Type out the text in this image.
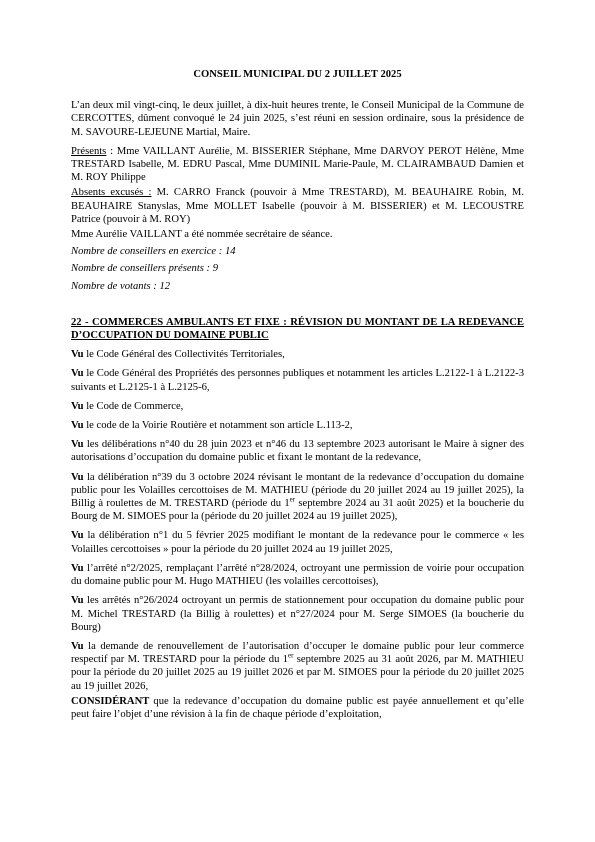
CONSEIL MUNICIPAL DU 2 JUILLET 2025

L’an deux mil vingt-cinq, le deux juillet, à dix-huit heures trente, le Conseil Municipal de la Commune de CERCOTTES, dûment convoqué le 24 juin 2025, s’est réuni en session ordinaire, sous la présidence de M. SAVOURE-LEJEUNE Martial, Maire.

Présents : Mme VAILLANT Aurélie, M. BISSERIER Stéphane, Mme DARVOY PEROT Hélène, Mme TRESTARD Isabelle, M. EDRU Pascal, Mme DUMINIL Marie-Paule, M. CLAIRAMBAUD Damien et M. ROY Philippe

Absents excusés : M. CARRO Franck (pouvoir à Mme TRESTARD), M. BEAUHAIRE Robin, M. BEAUHAIRE Stanyslas, Mme MOLLET Isabelle (pouvoir à M. BISSERIER) et M. LECOUSTRE Patrice (pouvoir à M. ROY)

Mme Aurélie VAILLANT a été nommée secrétaire de séance.

Nombre de conseillers en exercice : 14

Nombre de conseillers présents : 9

Nombre de votants : 12

22 - COMMERCES AMBULANTS ET FIXE : RÉVISION DU MONTANT DE LA REDEVANCE D’OCCUPATION DU DOMAINE PUBLIC

Vu le Code Général des Collectivités Territoriales,

Vu le Code Général des Propriétés des personnes publiques et notamment les articles L.2122-1 à L.2122-3 suivants et L.2125-1 à L.2125-6,

Vu le Code de Commerce,

Vu le code de la Voirie Routière et notamment son article L.113-2,

Vu les délibérations n°40 du 28 juin 2023 et n°46 du 13 septembre 2023 autorisant le Maire à signer des autorisations d’occupation du domaine public et fixant le montant de la redevance,

Vu la délibération n°39 du 3 octobre 2024 révisant le montant de la redevance d’occupation du domaine public pour les Volailles cercottoises de M. MATHIEU (période du 20 juillet 2024 au 19 juillet 2025), la Billig à roulettes de M. TRESTARD (période du 1er septembre 2024 au 31 août 2025) et la boucherie du Bourg de M. SIMOES pour la (période du 20 juillet 2024 au 19 juillet 2025),

Vu la délibération n°1 du 5 février 2025 modifiant le montant de la redevance pour le commerce « les Volailles cercottoises » pour la période du 20 juillet 2024 au 19 juillet 2025,

Vu l’arrêté n°2/2025, remplaçant l’arrêté n°28/2024, octroyant une permission de voirie pour occupation du domaine public pour M. Hugo MATHIEU (les volailles cercottoises),

Vu les arrêtés n°26/2024 octroyant un permis de stationnement pour occupation du domaine public pour M. Michel TRESTARD (la Billig à roulettes) et n°27/2024 pour M. Serge SIMOES (la boucherie du Bourg)

Vu la demande de renouvellement de l’autorisation d’occuper le domaine public pour leur commerce respectif par M. TRESTARD pour la période du 1er septembre 2025 au 31 août 2026, par M. MATHIEU pour la période du 20 juillet 2025 au 19 juillet 2026 et par M. SIMOES pour la période du 20 juillet 2025 au 19 juillet 2026,

CONSIDÉRANT que la redevance d’occupation du domaine public est payée annuellement et qu’elle peut faire l’objet d’une révision à la fin de chaque période d’exploitation,
